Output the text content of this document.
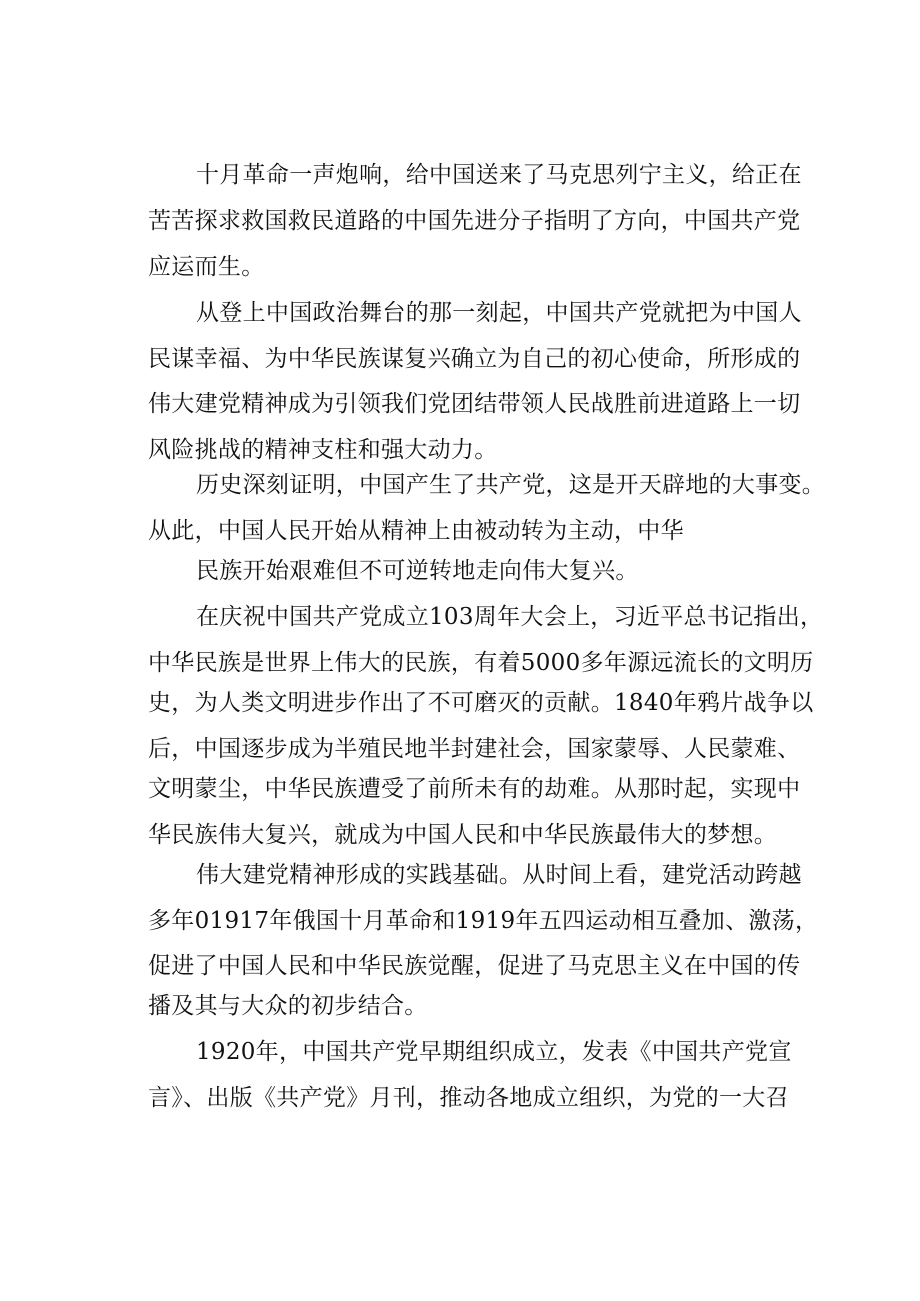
十月革命一声炮响，给中国送来了马克思列宁主义，给正在
苦苦探求救国救民道路的中国先进分子指明了方向，中国共产党
应运而生。
从登上中国政治舞台的那一刻起，中国共产党就把为中国人
民谋幸福、为中华民族谋复兴确立为自己的初心使命，所形成的
伟大建党精神成为引领我们党团结带领人民战胜前进道路上一切
风险挑战的精神支柱和强大动力。
历史深刻证明，中国产生了共产党，这是开天辟地的大事变。
从此，中国人民开始从精神上由被动转为主动，中华
民族开始艰难但不可逆转地走向伟大复兴。
在庆祝中国共产党成立103周年大会上，习近平总书记指出，
中华民族是世界上伟大的民族，有着5000多年源远流长的文明历
史，为人类文明进步作出了不可磨灭的贡献。1840年鸦片战争以
后，中国逐步成为半殖民地半封建社会，国家蒙辱、人民蒙难、
文明蒙尘，中华民族遭受了前所未有的劫难。从那时起，实现中
华民族伟大复兴，就成为中国人民和中华民族最伟大的梦想。
伟大建党精神形成的实践基础。从时间上看，建党活动跨越
多年01917年俄国十月革命和1919年五四运动相互叠加、激荡，
促进了中国人民和中华民族觉醒，促进了马克思主义在中国的传
播及其与大众的初步结合。
1920年，中国共产党早期组织成立，发表《中国共产党宣
言》、出版《共产党》月刊，推动各地成立组织，为党的一大召
